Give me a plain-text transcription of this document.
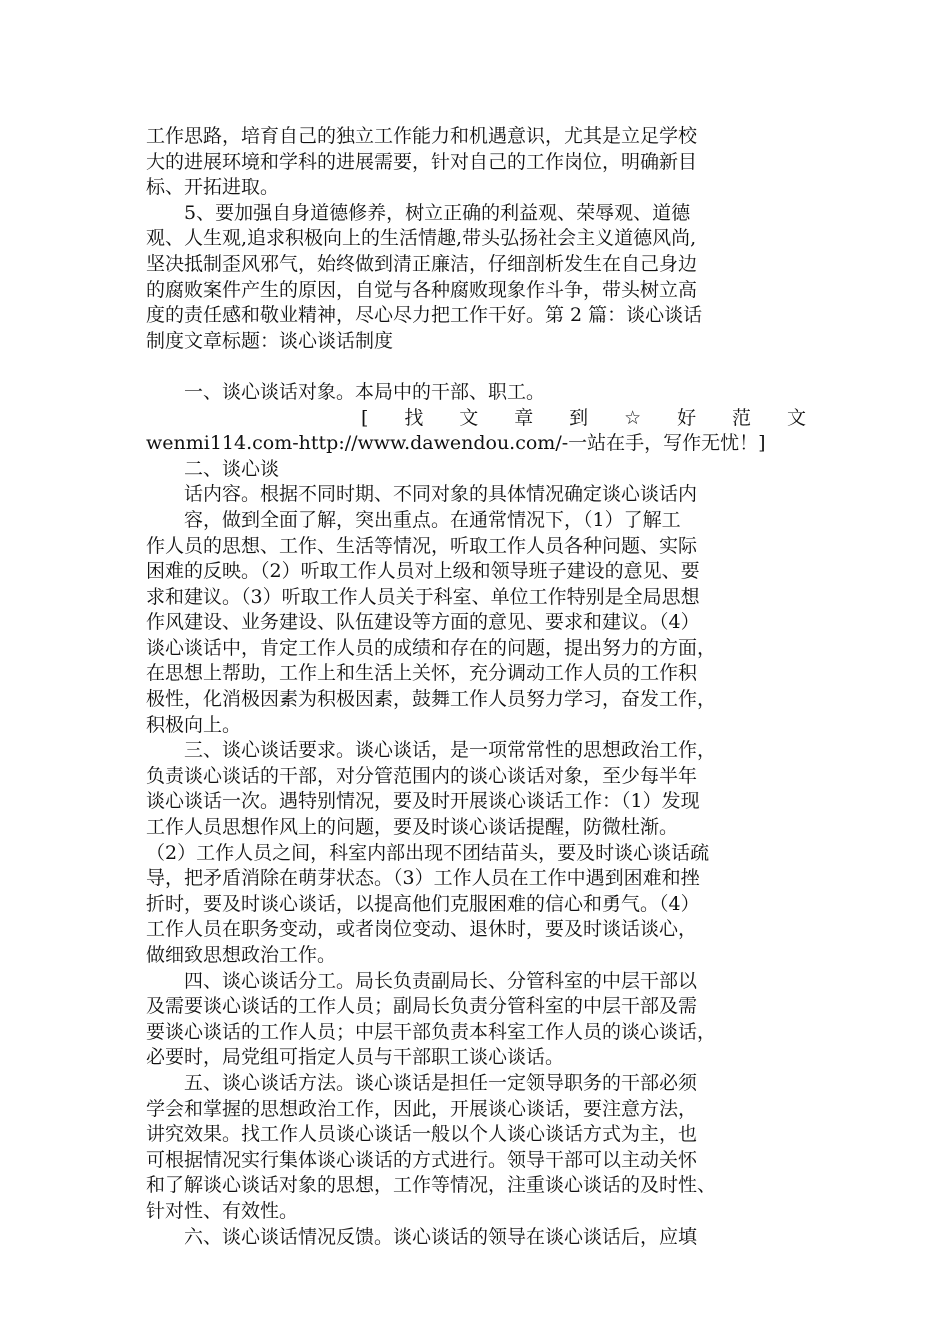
工作思路，培育自己的独立工作能力和机遇意识，尤其是立足学校
大的进展环境和学科的进展需要，针对自己的工作岗位，明确新目
标、开拓进取。
　　5、要加强自身道德修养，树立正确的利益观、荣辱观、道德
观、人生观,追求积极向上的生活情趣,带头弘扬社会主义道德风尚,
坚决抵制歪风邪气，始终做到清正廉洁，仔细剖析发生在自己身边
的腐败案件产生的原因，自觉与各种腐败现象作斗争，带头树立高
度的责任感和敬业精神，尽心尽力把工作干好。第 2 篇：谈心谈话
制度文章标题：谈心谈话制度
　　一、谈心谈话对象。本局中的干部、职工。
[ 找 文 章 到 ☆ 好 范 文
wenmi114.com-http://www.dawendou.com/-一站在手，写作无忧！]
　　二、谈心谈
　　话内容。根据不同时期、不同对象的具体情况确定谈心谈话内
　　容，做到全面了解，突出重点。在通常情况下，（1）了解工
作人员的思想、工作、生活等情况，听取工作人员各种问题、实际
困难的反映。（2）听取工作人员对上级和领导班子建设的意见、要
求和建议。（3）听取工作人员关于科室、单位工作特别是全局思想
作风建设、业务建设、队伍建设等方面的意见、要求和建议。（4）
谈心谈话中，肯定工作人员的成绩和存在的问题，提出努力的方面，
在思想上帮助，工作上和生活上关怀，充分调动工作人员的工作积
极性，化消极因素为积极因素，鼓舞工作人员努力学习，奋发工作，
积极向上。
　　三、谈心谈话要求。谈心谈话，是一项常常性的思想政治工作，
负责谈心谈话的干部，对分管范围内的谈心谈话对象，至少每半年
谈心谈话一次。遇特别情况，要及时开展谈心谈话工作：（1）发现
工作人员思想作风上的问题，要及时谈心谈话提醒，防微杜渐。
（2）工作人员之间，科室内部出现不团结苗头，要及时谈心谈话疏
导，把矛盾消除在萌芽状态。（3）工作人员在工作中遇到困难和挫
折时，要及时谈心谈话，以提高他们克服困难的信心和勇气。（4）
工作人员在职务变动，或者岗位变动、退休时，要及时谈话谈心，
做细致思想政治工作。
　　四、谈心谈话分工。局长负责副局长、分管科室的中层干部以
及需要谈心谈话的工作人员；副局长负责分管科室的中层干部及需
要谈心谈话的工作人员；中层干部负责本科室工作人员的谈心谈话，
必要时，局党组可指定人员与干部职工谈心谈话。
　　五、谈心谈话方法。谈心谈话是担任一定领导职务的干部必须
学会和掌握的思想政治工作，因此，开展谈心谈话，要注意方法，
讲究效果。找工作人员谈心谈话一般以个人谈心谈话方式为主，也
可根据情况实行集体谈心谈话的方式进行。领导干部可以主动关怀
和了解谈心谈话对象的思想，工作等情况，注重谈心谈话的及时性、
针对性、有效性。
　　六、谈心谈话情况反馈。谈心谈话的领导在谈心谈话后，应填
